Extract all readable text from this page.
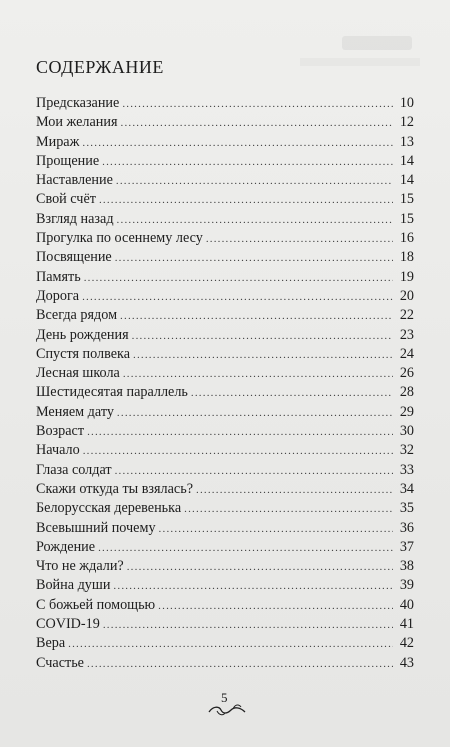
СОДЕРЖАНИЕ
Предсказание .....	10
Мои желания .....	12
Мираж .....	13
Прощение .....	14
Наставление .....	14
Свой счёт .....	15
Взгляд назад .....	15
Прогулка по осеннему лесу .....	16
Посвящение .....	18
Память .....	19
Дорога .....	20
Всегда рядом .....	22
День рождения .....	23
Спустя полвека .....	24
Лесная школа .....	26
Шестидесятая параллель .....	28
Меняем дату .....	29
Возраст .....	30
Начало .....	32
Глаза солдат .....	33
Скажи откуда ты взялась? .....	34
Белорусская деревенька .....	35
Всевышний почему .....	36
Рождение .....	37
Что не ждали? .....	38
Война души .....	39
С божьей помощью .....	40
COVID-19 .....	41
Вера .....	42
Счастье .....	43
5
